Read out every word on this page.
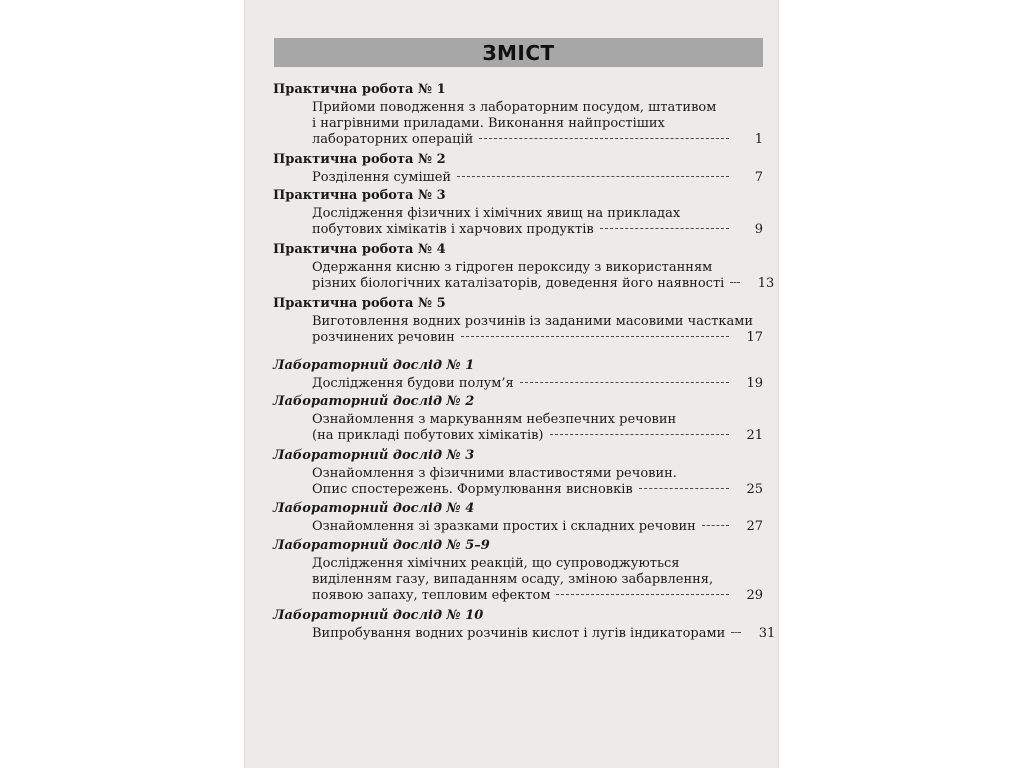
ЗМІСТ
Практична робота № 1
Прийоми поводження з лабораторним посудом, штативом
і нагрівними приладами. Виконання найпростіших
лабораторних операцій	1
Практична робота № 2
Розділення сумішей	7
Практична робота № 3
Дослідження фізичних і хімічних явищ на прикладах
побутових хімікатів і харчових продуктів	9
Практична робота № 4
Одержання кисню з гідроген пероксиду з використанням
різних біологічних каталізаторів, доведення його наявності	13
Практична робота № 5
Виготовлення водних розчинів із заданими масовими частками
розчинених речовин	17
Лабораторний дослід № 1
Дослідження будови полум’я	19
Лабораторний дослід № 2
Ознайомлення з маркуванням небезпечних речовин
(на прикладі побутових хімікатів)	21
Лабораторний дослід № 3
Ознайомлення з фізичними властивостями речовин.
Опис спостережень. Формулювання висновків	25
Лабораторний дослід № 4
Ознайомлення зі зразками простих і складних речовин	27
Лабораторний дослід № 5–9
Дослідження хімічних реакцій, що супроводжуються
виділенням газу, випаданням осаду, зміною забарвлення,
появою запаху, тепловим ефектом	29
Лабораторний дослід № 10
Випробування водних розчинів кислот і лугів індикаторами	31
